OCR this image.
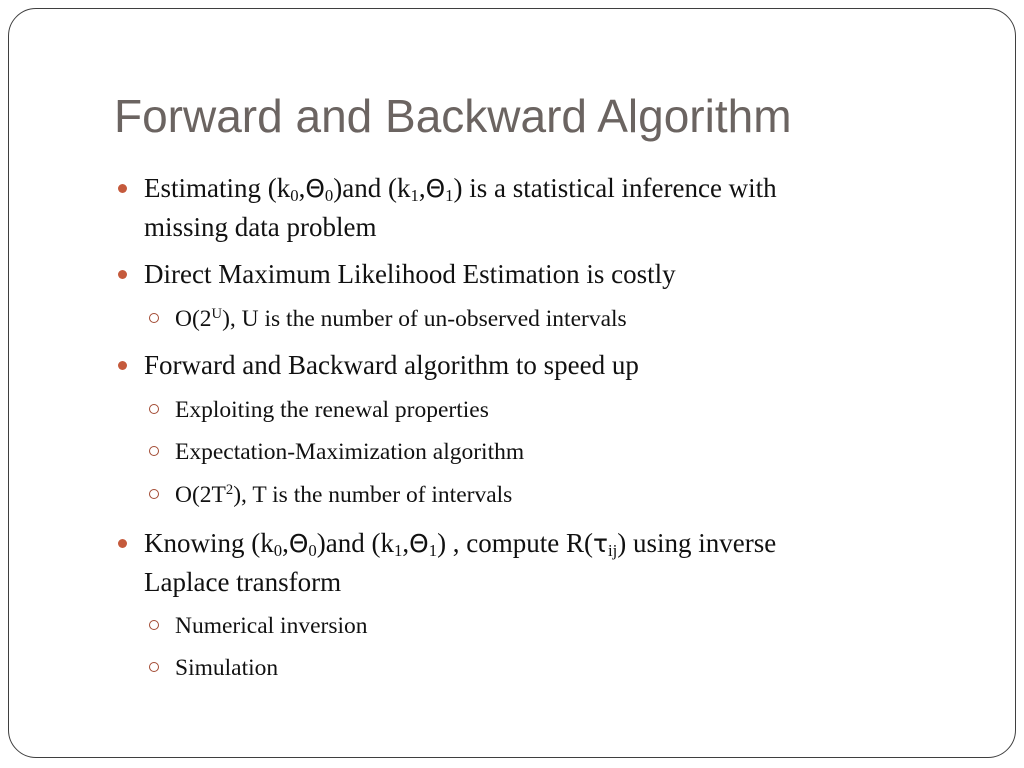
Forward and Backward Algorithm
Estimating $(k_0,\Theta_0)and$ $(k_1,\Theta_1)$ is a statistical inference with
missing data problem
Direct Maximum Likelihood Estimation is costly
$O(2^U)$, U is the number of un-observed intervals
Forward and Backward algorithm to speed up
Exploiting the renewal properties
Expectation-Maximization algorithm
$O(2T^2)$, T is the number of intervals
Knowing $(k_0,\Theta_0)and$ $(k_1,\Theta_1)$ , compute $R(\tau_{ij})$ using inverse
Laplace transform
Numerical inversion
Simulation
